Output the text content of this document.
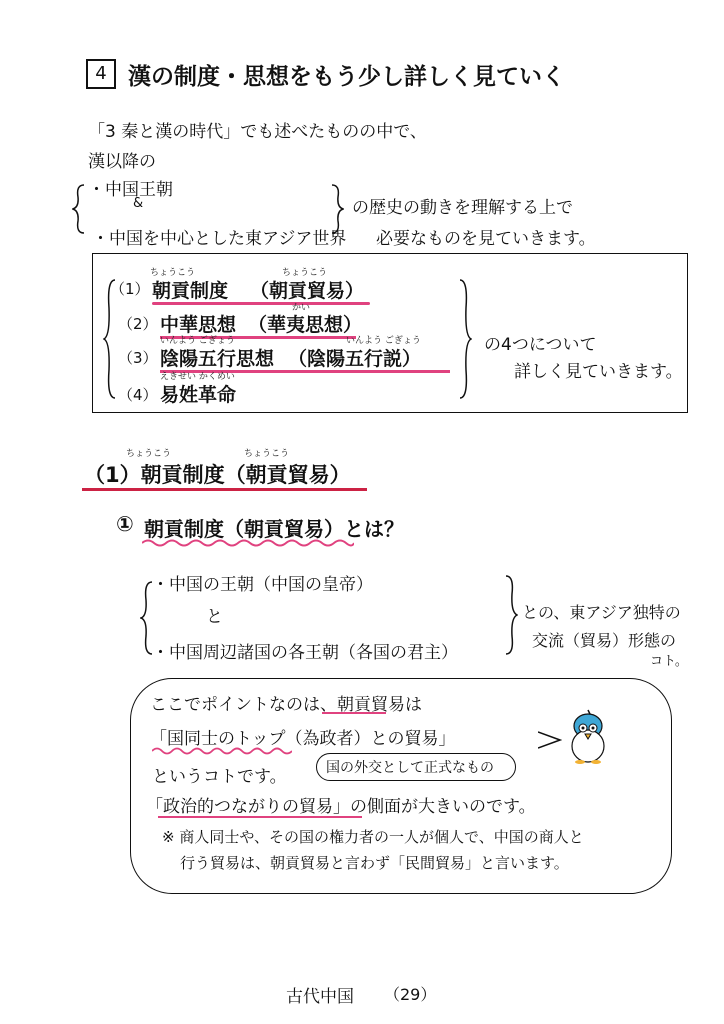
4 漢の制度・思想をもう少し詳しく見ていく
「3 秦と漢の時代」でも述べたものの中で、
漢以降の
・中国王朝
&
・中国を中心とした東アジア世界
の歴史の動きを理解する上で
必要なものを見ていきます。
（1）
ちょうこう
朝貢制度
ちょうこう
（朝貢貿易）
（2） 中華思想
かい
（華夷思想）
（3）
いんよう ごぎょう
陰陽五行思想
いんよう ごぎょう
（陰陽五行説）
（4）
えきせい かくめい
易姓革命
の4つについて
詳しく見ていきます。
ちょうこう	ちょうこう
（1）朝貢制度（朝貢貿易）
① 朝貢制度（朝貢貿易）とは？
・中国の王朝（中国の皇帝）
と
・中国周辺諸国の各王朝（各国の君主）
との、東アジア独特の
交流（貿易）形態の
コト。
ここでポイントなのは、朝貢貿易は
「国同士のトップ（為政者）との貿易」
というコトです。	国の外交として正式なもの
「政治的つながりの貿易」の側面が大きいのです。
※ 商人同士や、その国の権力者の一人が個人で、中国の商人と
行う貿易は、朝貢貿易と言わず「民間貿易」と言います。
古代中国 （29）
